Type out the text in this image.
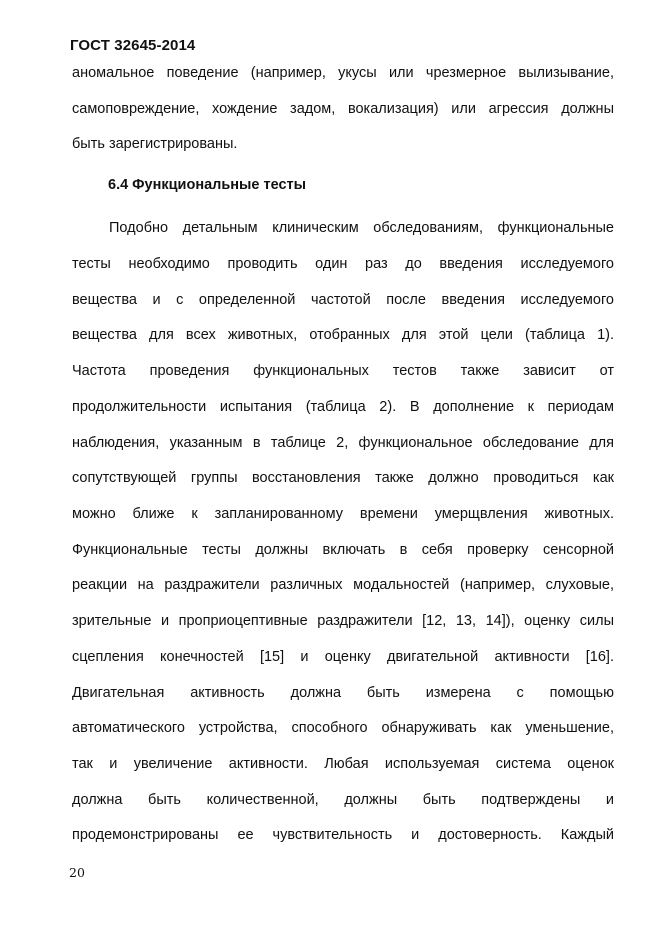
ГОСТ 32645-2014
аномальное поведение (например, укусы или чрезмерное вылизывание,
самоповреждение, хождение задом, вокализация) или агрессия должны
быть зарегистрированы.
6.4 Функциональные тесты
Подобно детальным клиническим обследованиям, функциональные
тесты необходимо проводить один раз до введения исследуемого
вещества и с определенной частотой после введения исследуемого
вещества для всех животных, отобранных для этой цели (таблица 1).
Частота проведения функциональных тестов также зависит от
продолжительности испытания (таблица 2). В дополнение к периодам
наблюдения, указанным в таблице 2, функциональное обследование для
сопутствующей группы восстановления также должно проводиться как
можно ближе к запланированному времени умерщвления животных.
Функциональные тесты должны включать в себя проверку сенсорной
реакции на раздражители различных модальностей (например, слуховые,
зрительные и проприоцептивные раздражители [12, 13, 14]), оценку силы
сцепления конечностей [15] и оценку двигательной активности [16].
Двигательная активность должна быть измерена с помощью
автоматического устройства, способного обнаруживать как уменьшение,
так и увеличение активности. Любая используемая система оценок
должна быть количественной, должны быть подтверждены и
продемонстрированы ее чувствительность и достоверность. Каждый
20
